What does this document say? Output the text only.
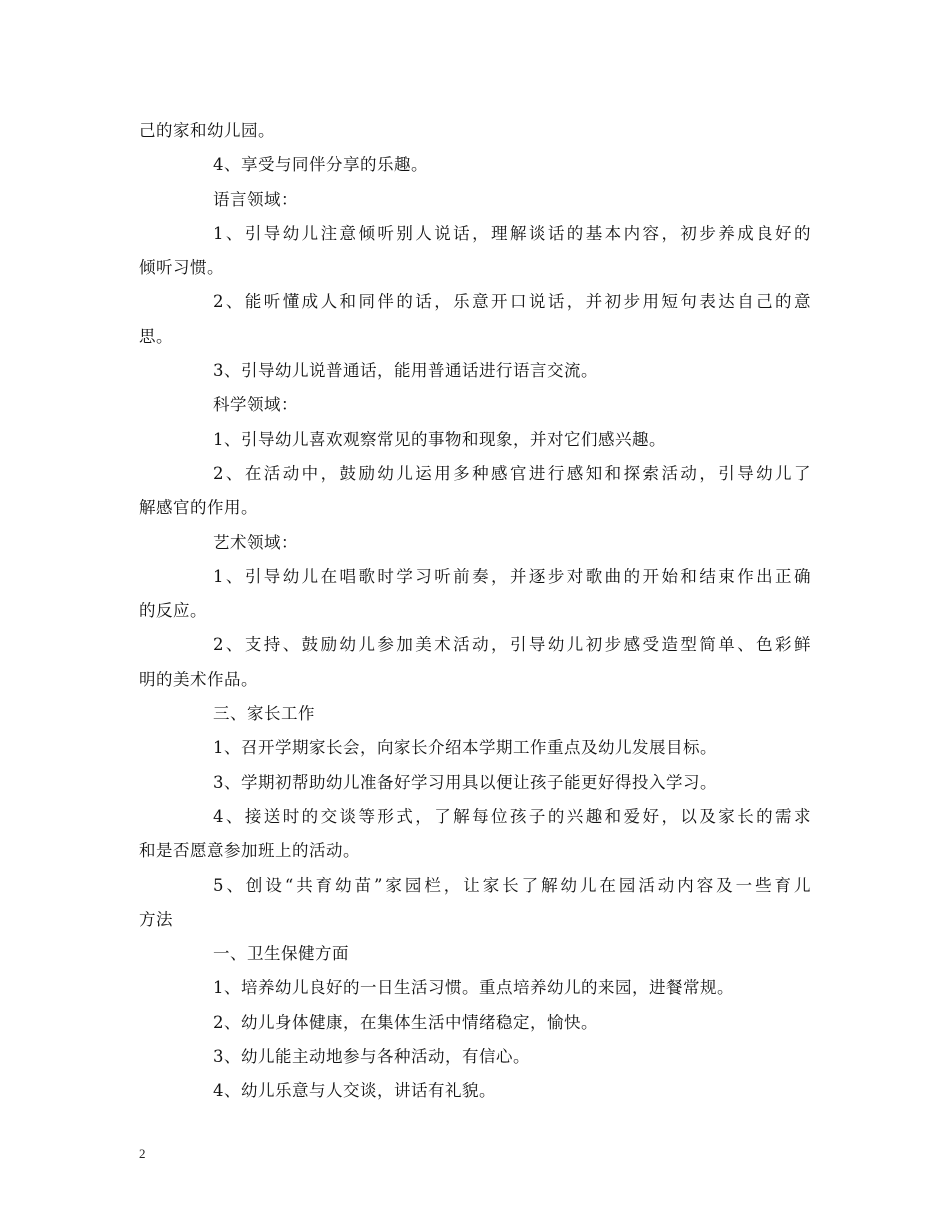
己的家和幼儿园。
4、享受与同伴分享的乐趣。
语言领域：
1、引导幼儿注意倾听别人说话，理解谈话的基本内容，初步养成良好的
倾听习惯。
2、能听懂成人和同伴的话，乐意开口说话，并初步用短句表达自己的意
思。
3、引导幼儿说普通话，能用普通话进行语言交流。
科学领域：
1、引导幼儿喜欢观察常见的事物和现象，并对它们感兴趣。
2、在活动中，鼓励幼儿运用多种感官进行感知和探索活动，引导幼儿了
解感官的作用。
艺术领域：
1、引导幼儿在唱歌时学习听前奏，并逐步对歌曲的开始和结束作出正确
的反应。
2、支持、鼓励幼儿参加美术活动，引导幼儿初步感受造型简单、色彩鲜
明的美术作品。
三、家长工作
1、召开学期家长会，向家长介绍本学期工作重点及幼儿发展目标。
3、学期初帮助幼儿准备好学习用具以便让孩子能更好得投入学习。
4、接送时的交谈等形式，了解每位孩子的兴趣和爱好，以及家长的需求
和是否愿意参加班上的活动。
5、创设“共育幼苗”家园栏，让家长了解幼儿在园活动内容及一些育儿
方法
一、卫生保健方面
1、培养幼儿良好的一日生活习惯。重点培养幼儿的来园，进餐常规。
2、幼儿身体健康，在集体生活中情绪稳定，愉快。
3、幼儿能主动地参与各种活动，有信心。
4、幼儿乐意与人交谈，讲话有礼貌。
2
